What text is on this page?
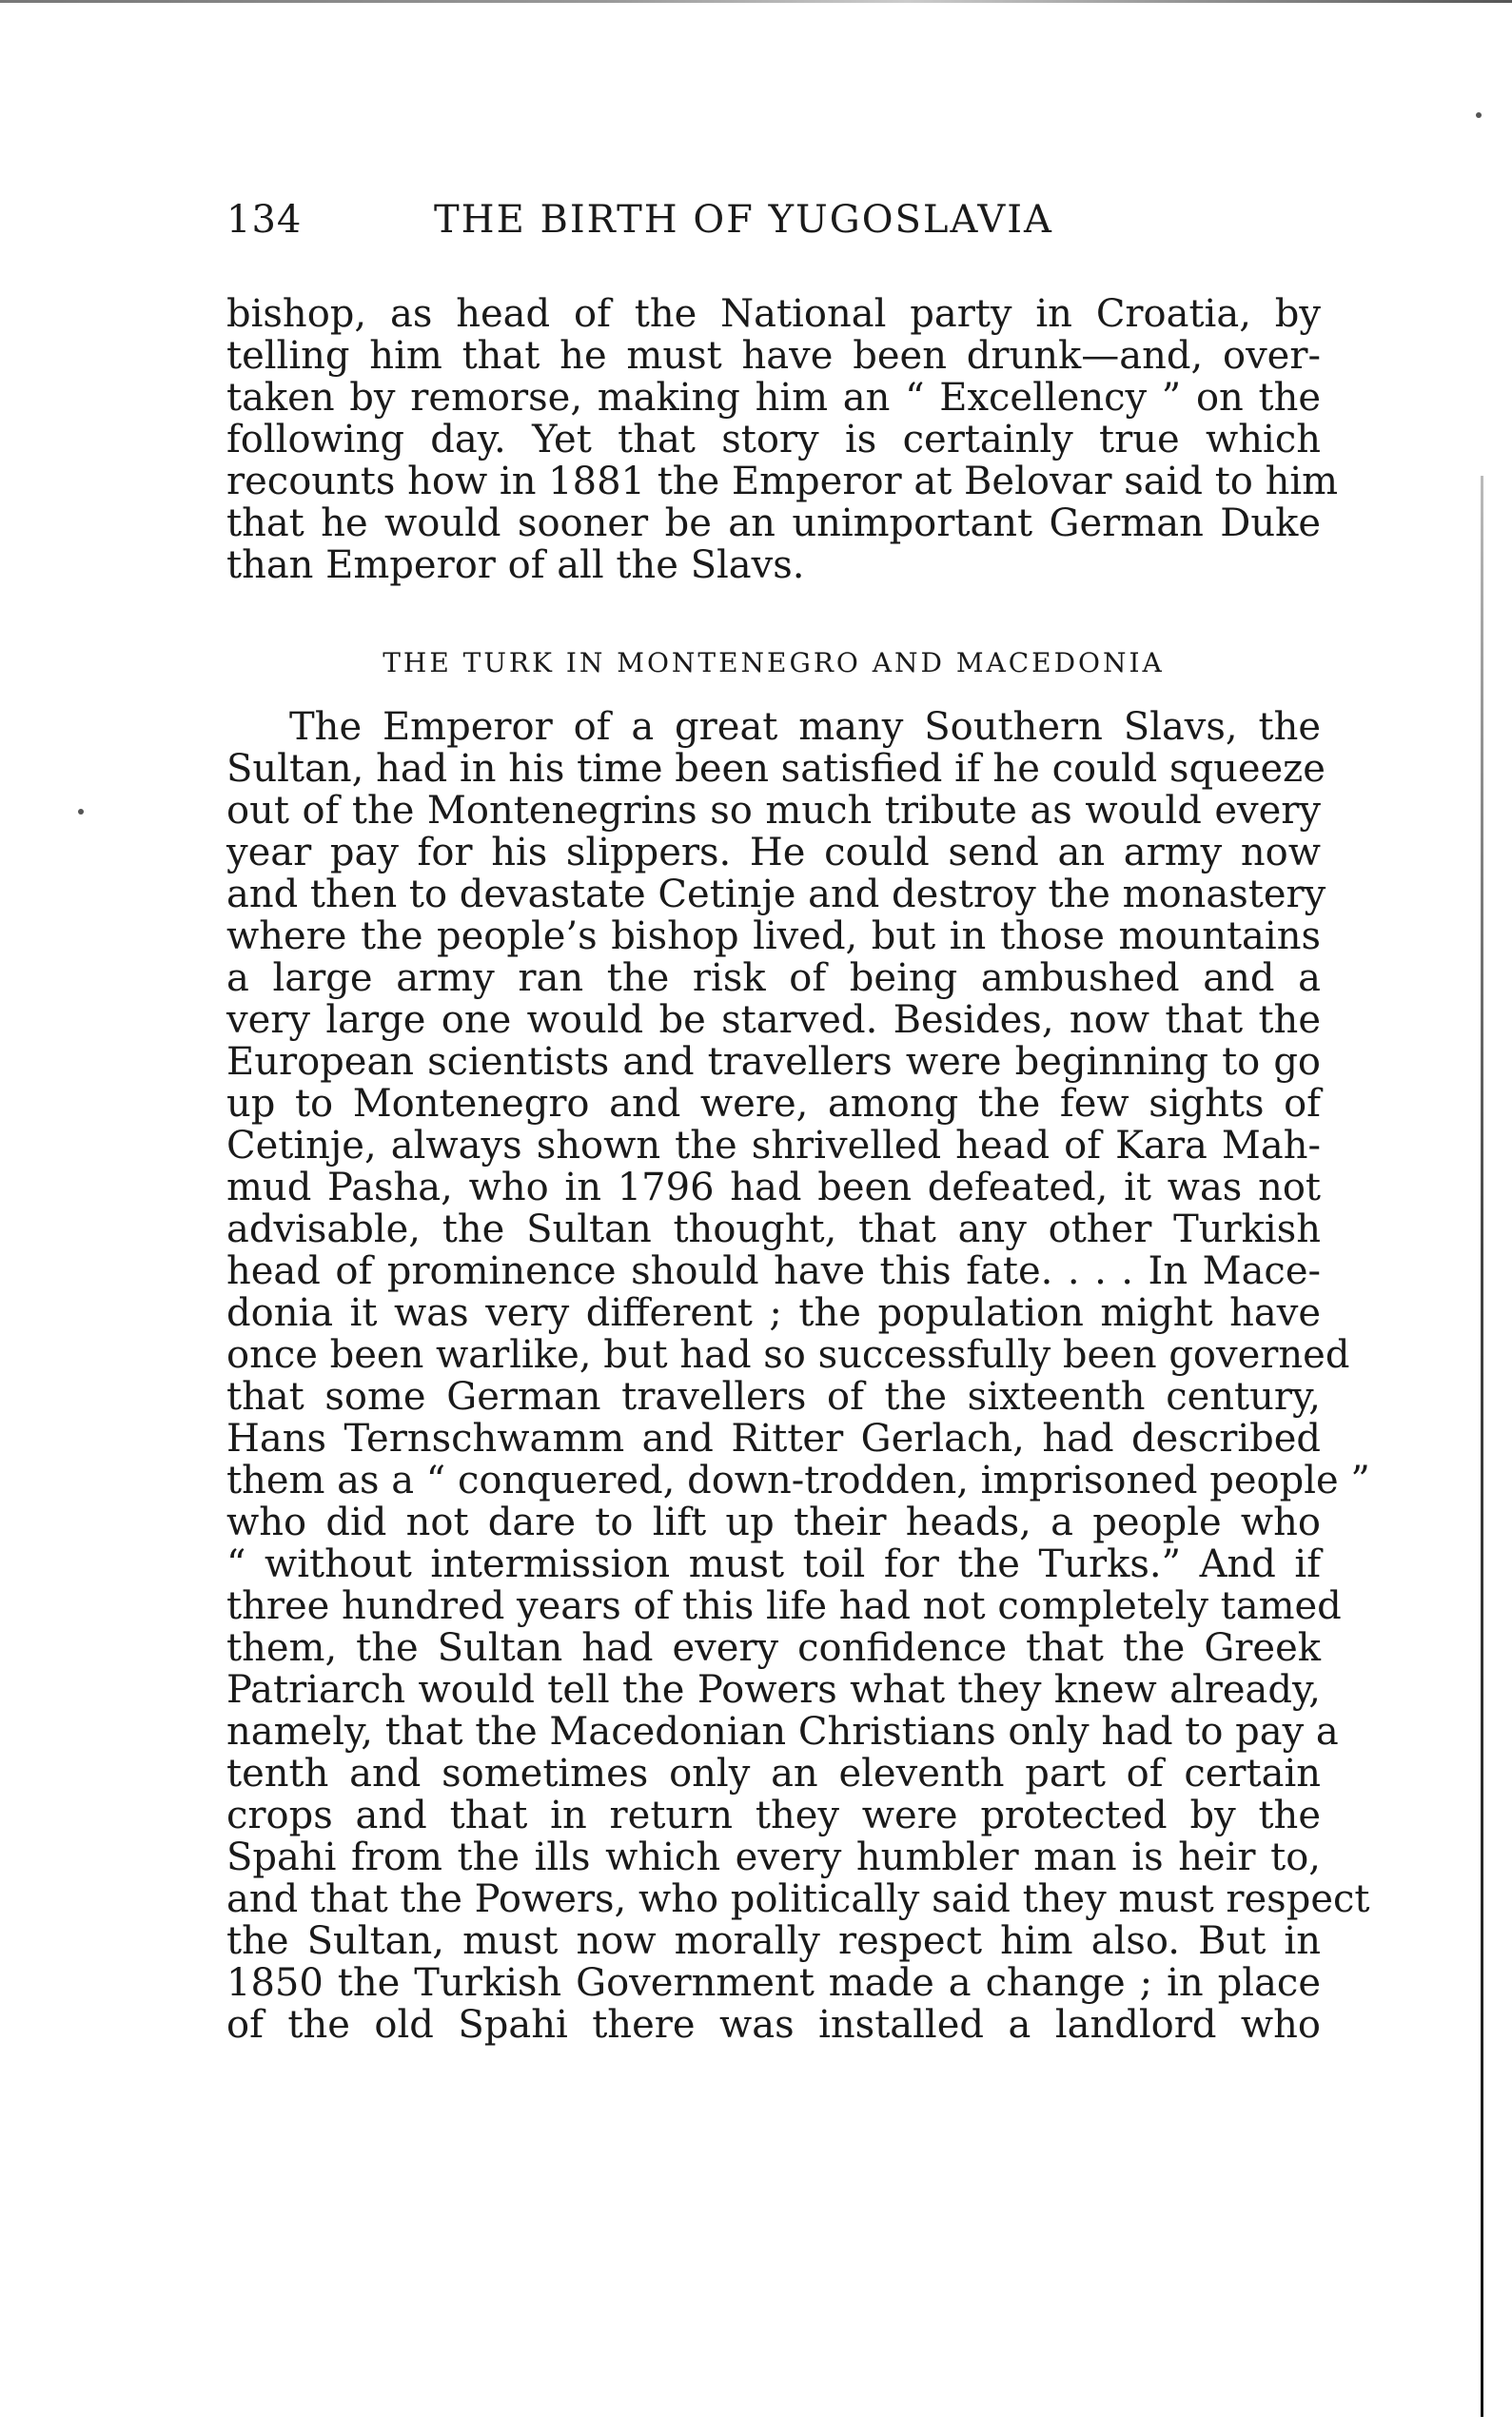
134	THE BIRTH OF YUGOSLAVIA
bishop, as head of the National party in Croatia, by
telling him that he must have been drunk—and, over-
taken by remorse, making him an “ Excellency ” on the
following day. Yet that story is certainly true which
recounts how in 1881 the Emperor at Belovar said to him
that he would sooner be an unimportant German Duke
than Emperor of all the Slavs.
THE TURK IN MONTENEGRO AND MACEDONIA
The Emperor of a great many Southern Slavs, the
Sultan, had in his time been satisfied if he could squeeze
out of the Montenegrins so much tribute as would every
year pay for his slippers. He could send an army now
and then to devastate Cetinje and destroy the monastery
where the people’s bishop lived, but in those mountains
a large army ran the risk of being ambushed and a
very large one would be starved. Besides, now that the
European scientists and travellers were beginning to go
up to Montenegro and were, among the few sights of
Cetinje, always shown the shrivelled head of Kara Mah-
mud Pasha, who in 1796 had been defeated, it was not
advisable, the Sultan thought, that any other Turkish
head of prominence should have this fate. . . . In Mace-
donia it was very different ; the population might have
once been warlike, but had so successfully been governed
that some German travellers of the sixteenth century,
Hans Ternschwamm and Ritter Gerlach, had described
them as a “ conquered, down-trodden, imprisoned people ”
who did not dare to lift up their heads, a people who
“ without intermission must toil for the Turks.” And if
three hundred years of this life had not completely tamed
them, the Sultan had every confidence that the Greek
Patriarch would tell the Powers what they knew already,
namely, that the Macedonian Christians only had to pay a
tenth and sometimes only an eleventh part of certain
crops and that in return they were protected by the
Spahi from the ills which every humbler man is heir to,
and that the Powers, who politically said they must respect
the Sultan, must now morally respect him also. But in
1850 the Turkish Government made a change ; in place
of the old Spahi there was installed a landlord who
